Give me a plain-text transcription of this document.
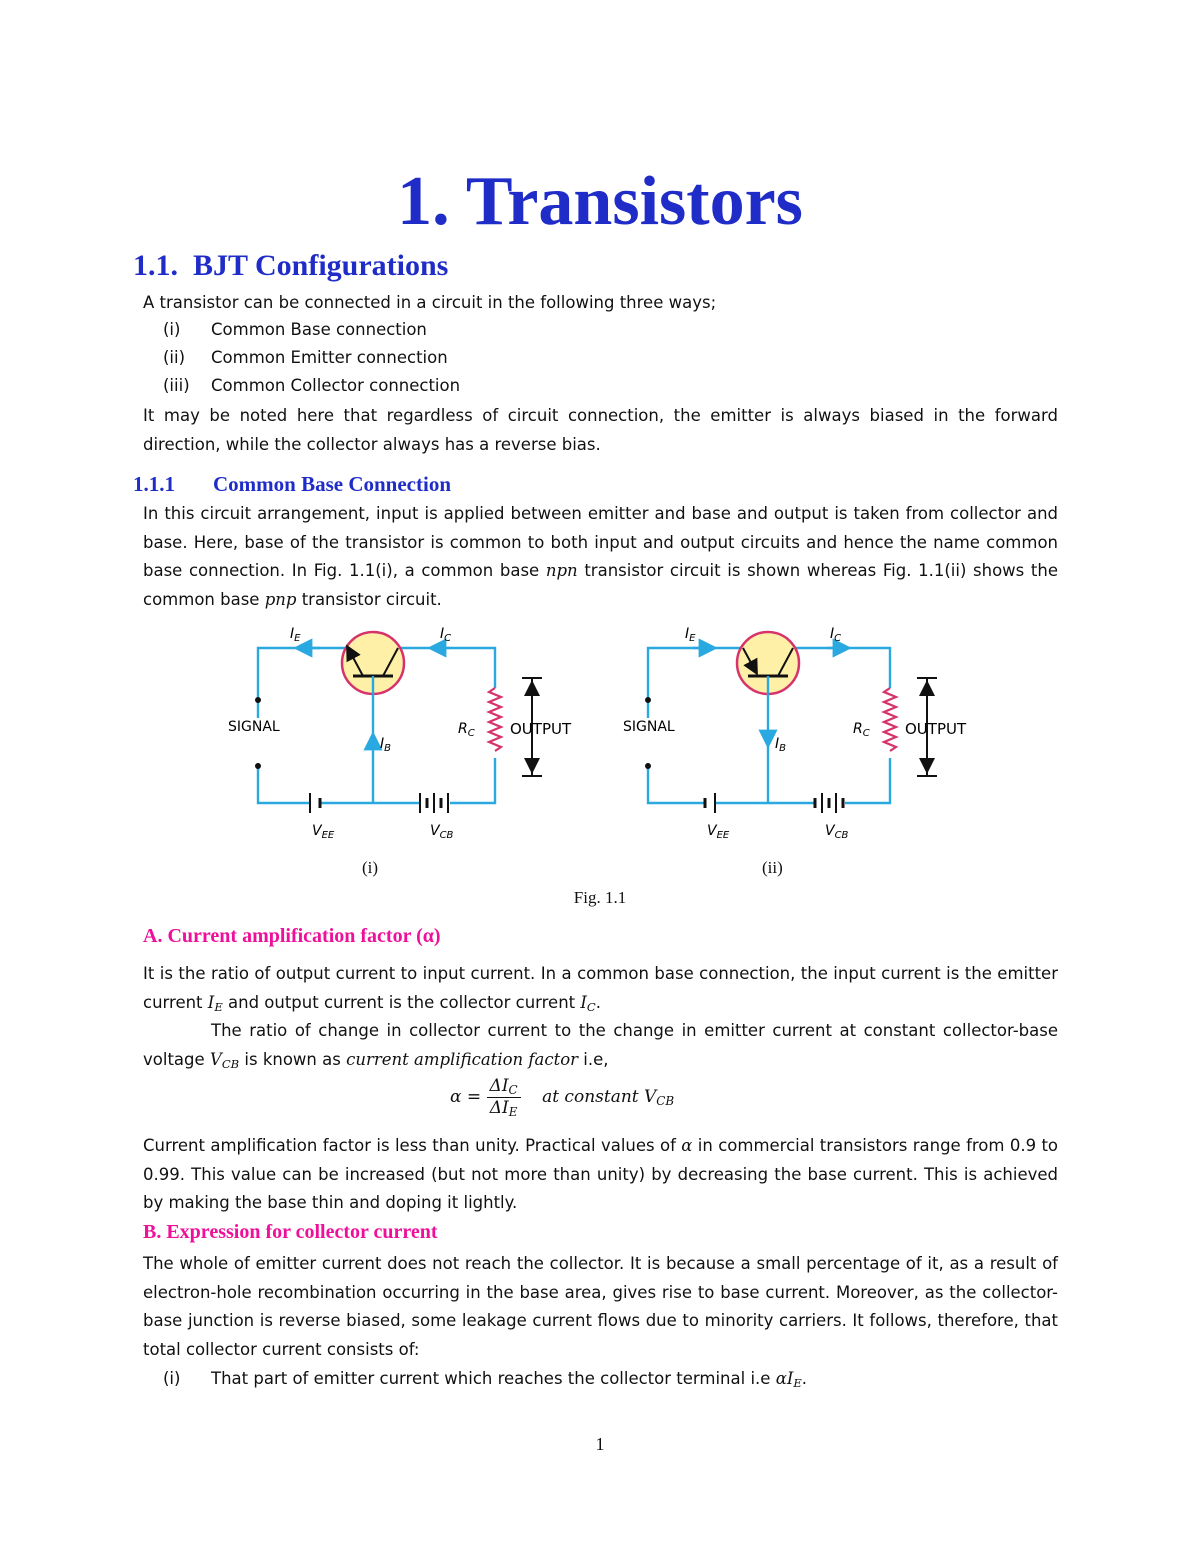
1. Transistors
1.1. BJT Configurations
A transistor can be connected in a circuit in the following three ways;
(i) Common Base connection
(ii) Common Emitter connection
(iii) Common Collector connection
It may be noted here that regardless of circuit connection, the emitter is always biased in the forward direction, while the collector always has a reverse bias.
1.1.1 Common Base Connection
In this circuit arrangement, input is applied between emitter and base and output is taken from collector and base. Here, base of the transistor is common to both input and output circuits and hence the name common base connection. In Fig. 1.1(i), a common base npn transistor circuit is shown whereas Fig. 1.1(ii) shows the common base pnp transistor circuit.
$I_E$	$I_C$
$I_B$
$R_C$
SIGNAL	OUTPUT
$V_{EE}$	$V_{CB}$
$I_E$	$I_C$
$I_B$
$R_C$
SIGNAL	OUTPUT
$V_{EE}$	$V_{CB}$
(i)	(ii)
Fig. 1.1
A. Current amplification factor (α)
It is the ratio of output current to input current. In a common base connection, the input current is the emitter current $I_E$ and output current is the collector current $I_C$.
The ratio of change in collector current to the change in emitter current at constant collector-base voltage $V_{CB}$ is known as current amplification factor i.e,
$\alpha = \frac{\Delta I_C}{\Delta I_E}$ at constant $V_{CB}$
Current amplification factor is less than unity. Practical values of α in commercial transistors range from 0.9 to 0.99. This value can be increased (but not more than unity) by decreasing the base current. This is achieved by making the base thin and doping it lightly.
B. Expression for collector current
The whole of emitter current does not reach the collector. It is because a small percentage of it, as a result of electron-hole recombination occurring in the base area, gives rise to base current. Moreover, as the collector-base junction is reverse biased, some leakage current flows due to minority carriers. It follows, therefore, that total collector current consists of:
(i) That part of emitter current which reaches the collector terminal i.e $\alpha I_E$.
1
